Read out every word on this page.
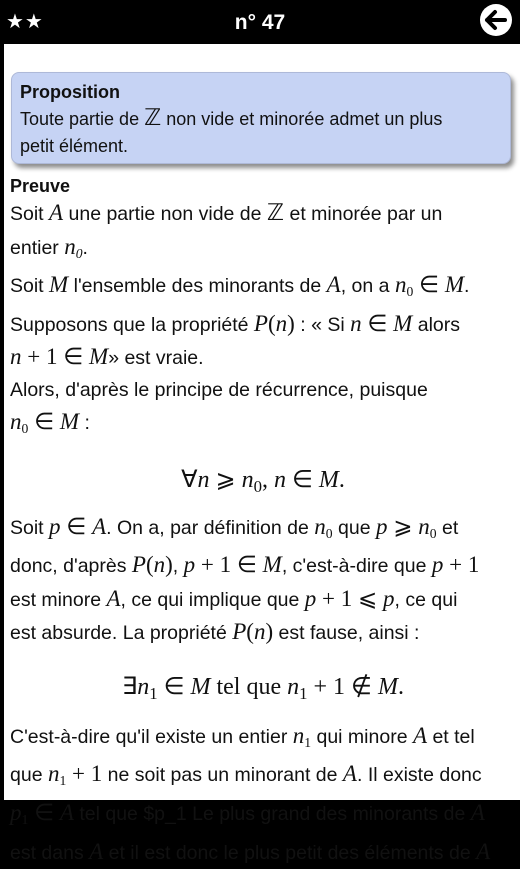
★★	n° 47
Proposition
Toute partie de ℤ non vide et minorée admet un plus
petit élément.
Preuve
Soit A une partie non vide de ℤ et minorée par un
entier $n_0$.
Soit M l'ensemble des minorants de A, on a $n_0$ ∈ M.
Supposons que la propriété P(n) : « Si n ∈ M alors
n + 1 ∈ M» est vraie.
Alors, d'après le principe de récurrence, puisque
$n_0$ ∈ M :
∀n ⩾ $n_0$, n ∈ M.
Soit p ∈ A. On a, par définition de $n_0$ que p ⩾ $n_0$ et
donc, d'après P(n), p + 1 ∈ M, c'est-à-dire que p + 1
est minore A, ce qui implique que p + 1 ⩽ p, ce qui
est absurde. La propriété P(n) est fause, ainsi :
$\exists n_1$ ∈ M tel que $n_1 + 1$ ∉ M.
C'est-à-dire qu'il existe un entier $n_1$ qui minore A et tel
que $n_1 + 1$ ne soit pas un minorant de A. Il existe donc
$p_1$ ∈ A tel que $p_1 Le plus grand des minorants de A
est dans A et il est donc le plus petit des éléments de A
